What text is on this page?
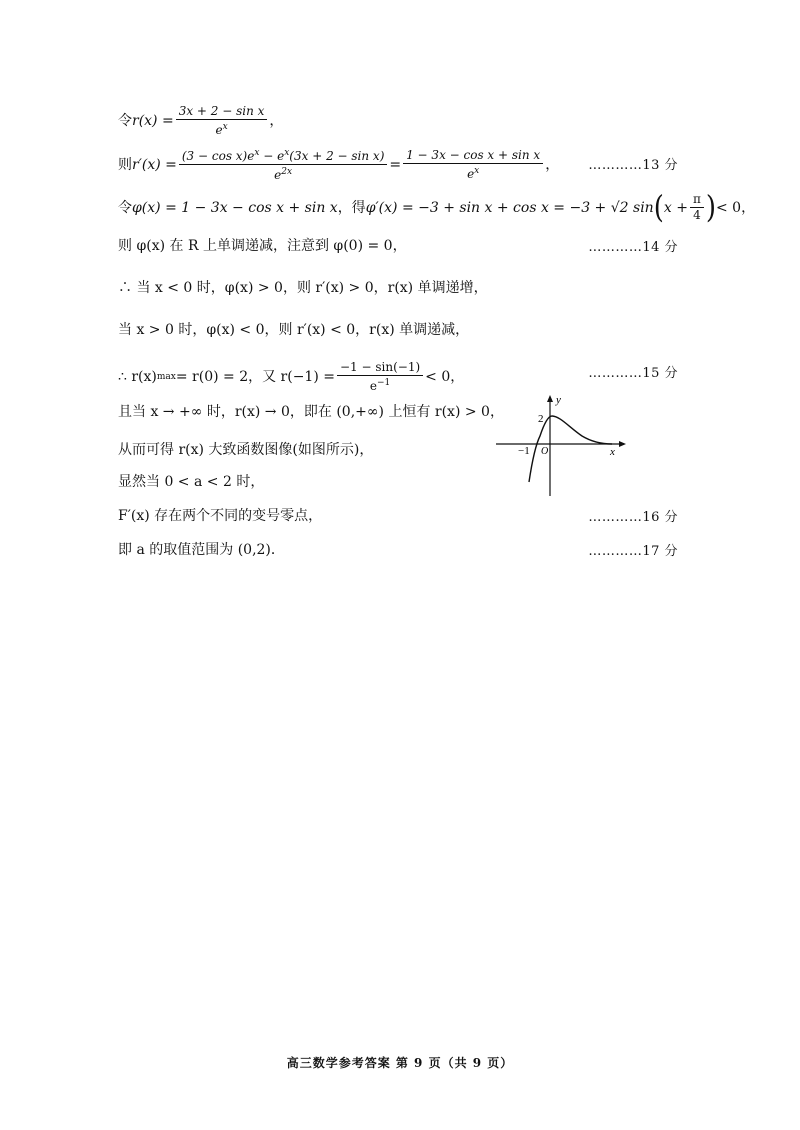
令 $r(x) = \frac{\text{3x + 2 − sin x}}{e^x}$ ，
则 $r'(x) = \frac{(3 - \cos x)e^x - e^x(3x + 2 - \sin x)}{e^{2x}} = \frac{\text{1 − 3x − cos x + sin x}}{e^x}$ ， …………13 分
令 φ(x) = 1 − 3x − cos x + sin x ，得 φ′(x) = −3 + sin x + cos x = −3 + √2 sin ( $x + \frac{\pi}{4}$ ) < 0，
则 φ(x) 在 R 上单调递减，注意到 φ(0) = 0，	…………14 分
∴ 当 x < 0 时，φ(x) > 0，则 r′(x) > 0，r(x) 单调递增，
当 x > 0 时，φ(x) < 0，则 r′(x) < 0，r(x) 单调递减，
∴ r(x) max = r(0) = 2，又 $r(-1) = \frac{-1 - \sin(-1)}{e^{-1}} < 0$，	…………15 分
且当 x → +∞ 时，r(x) → 0，即在 (0,+∞) 上恒有 r(x) > 0，
从而可得 r(x) 大致函数图像(如图所示)，
显然当 0 < a < 2 时，
F′(x) 存在两个不同的变号零点，	…………16 分
即 a 的取值范围为 (0,2)．	…………17 分
y
x
2
−1 O
高三数学参考答案 第 9 页（共 9 页）
